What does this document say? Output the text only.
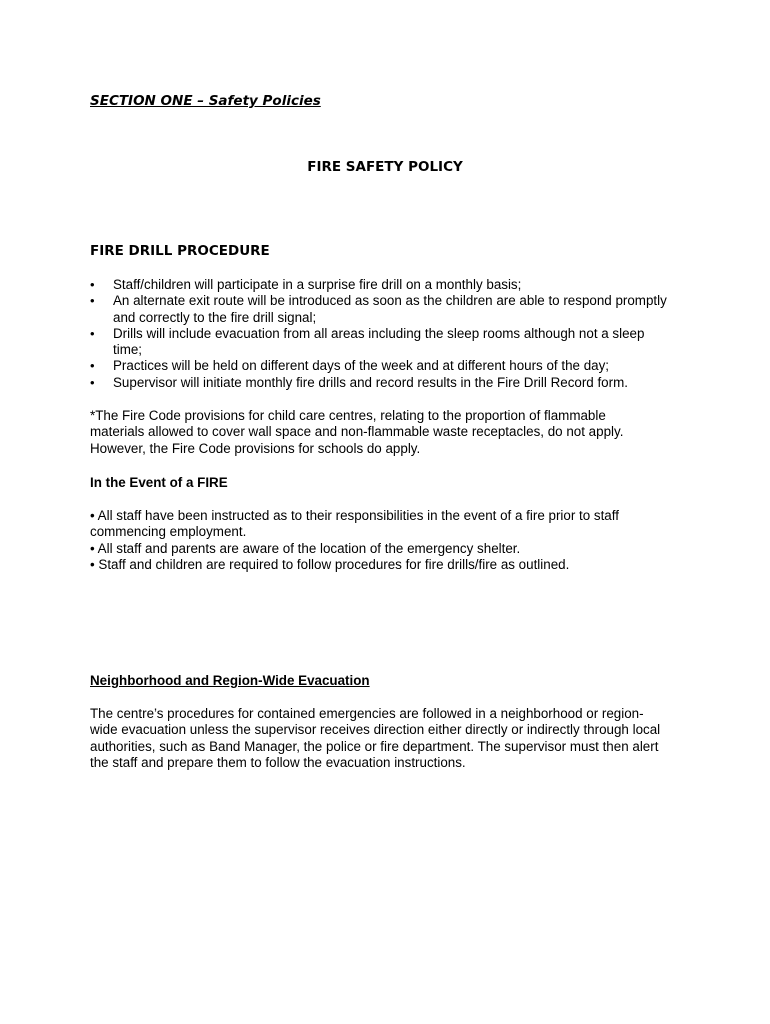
SECTION ONE – Safety Policies
FIRE SAFETY POLICY
FIRE DRILL PROCEDURE
• Staff/children will participate in a surprise fire drill on a monthly basis;
• An alternate exit route will be introduced as soon as the children are able to respond promptly and correctly to the fire drill signal;
• Drills will include evacuation from all areas including the sleep rooms although not a sleep time;
• Practices will be held on different days of the week and at different hours of the day;
• Supervisor will initiate monthly fire drills and record results in the Fire Drill Record form.
*The Fire Code provisions for child care centres, relating to the proportion of flammable materials allowed to cover wall space and non-flammable waste receptacles, do not apply. However, the Fire Code provisions for schools do apply.
In the Event of a FIRE
• All staff have been instructed as to their responsibilities in the event of a fire prior to staff commencing employment.
• All staff and parents are aware of the location of the emergency shelter.
• Staff and children are required to follow procedures for fire drills/fire as outlined.
Neighborhood and Region-Wide Evacuation
The centre’s procedures for contained emergencies are followed in a neighborhood or region-wide evacuation unless the supervisor receives direction either directly or indirectly through local authorities, such as Band Manager, the police or fire department. The supervisor must then alert the staff and prepare them to follow the evacuation instructions.
